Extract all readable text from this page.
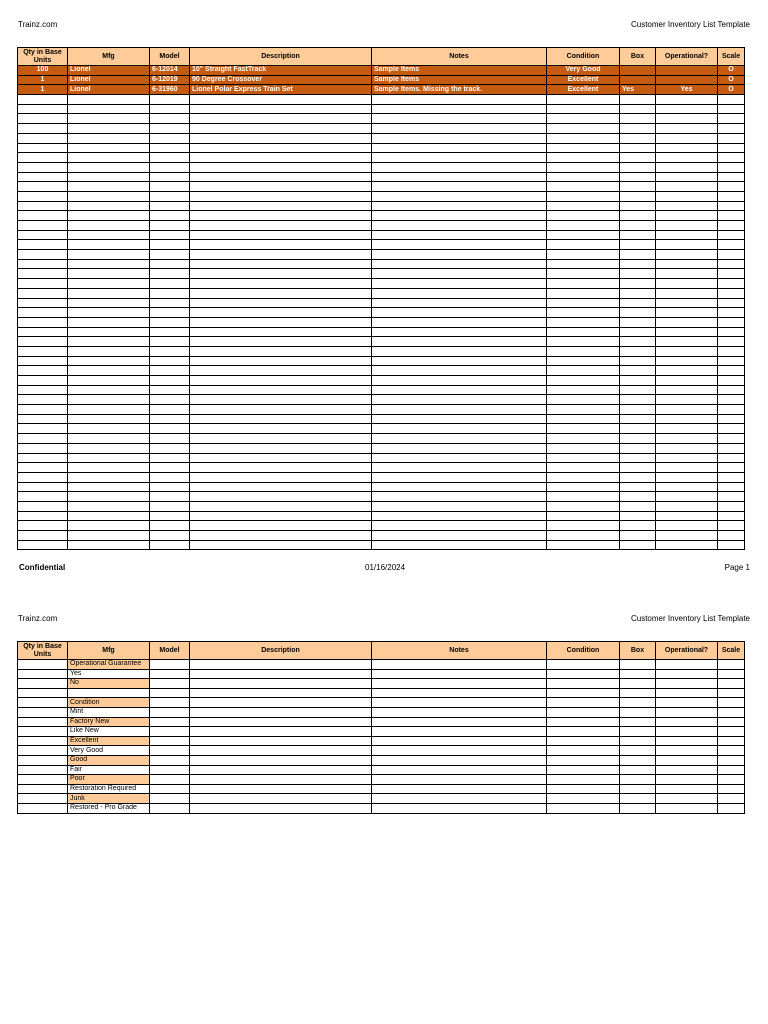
Trainz.com	Customer Inventory List Template
Qty in Base Units	Mfg	Model	Description	Notes	Condition	Box	Operational?	Scale
100	Lionel	6-12014	10" Straight FastTrack	Sample Items	Very Good			O
1	Lionel	6-12019	90 Degree Crossover	Sample Items	Excellent			O
1	Lionel	6-31960	Lionel Polar Express Train Set	Sample Items. Missing the track.	Excellent	Yes	Yes	O

Confidential	01/16/2024	Page 1
Trainz.com	Customer Inventory List Template
Qty in Base Units	Mfg	Model	Description	Notes	Condition	Box	Operational?	Scale
	Operational Guarantee							
	Yes							
	No							

	Condition							
	Mint							
	Factory New							
	Like New							
	Excellent							
	Very Good							
	Good							
	Fair							
	Poor							
	Restoration Required							
	Junk							
	Restored - Pro Grade							
